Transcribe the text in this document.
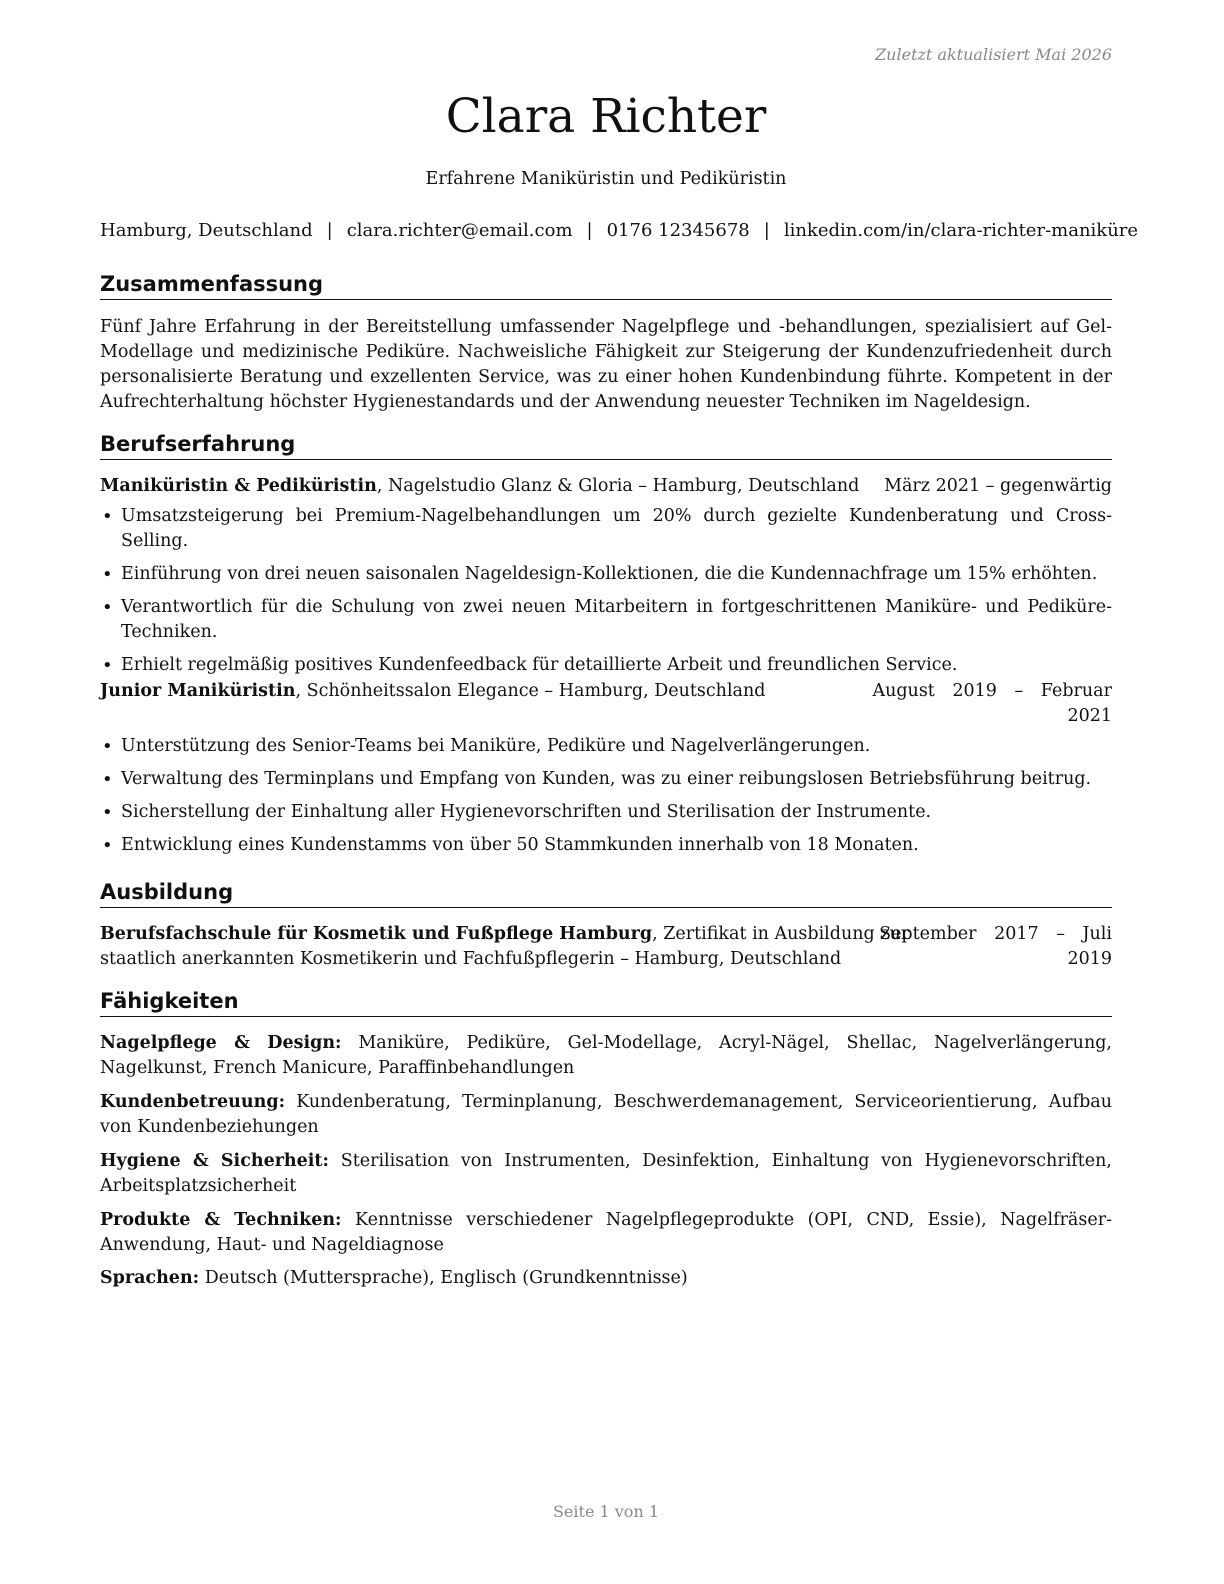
Zuletzt aktualisiert Mai 2026
Clara Richter
Erfahrene Maniküristin und Pediküristin
Hamburg, Deutschland | clara.richter@email.com | 0176 12345678 | linkedin.com/in/clara-richter-maniküre
Zusammenfassung
Fünf Jahre Erfahrung in der Bereitstellung umfassender Nagelpflege und -behandlungen, spezialisiert auf Gel-Modellage und medizinische Pediküre. Nachweisliche Fähigkeit zur Steigerung der Kundenzufriedenheit durch personalisierte Beratung und exzellenten Service, was zu einer hohen Kundenbindung führte. Kompetent in der Aufrechterhaltung höchster Hygienestandards und der Anwendung neuester Techniken im Nageldesign.
Berufserfahrung
Maniküristin & Pediküristin, Nagelstudio Glanz & Gloria – Hamburg, Deutschland März 2021 – gegenwärtig
• Umsatzsteigerung bei Premium-Nagelbehandlungen um 20% durch gezielte Kundenberatung und Cross-Selling.
• Einführung von drei neuen saisonalen Nageldesign-Kollektionen, die die Kundennachfrage um 15% erhöhten.
• Verantwortlich für die Schulung von zwei neuen Mitarbeitern in fortgeschrittenen Maniküre- und Pediküre-Techniken.
• Erhielt regelmäßig positives Kundenfeedback für detaillierte Arbeit und freundlichen Service.
Junior Maniküristin, Schönheitssalon Elegance – Hamburg, Deutschland	August 2019 – Februar
2021
• Unterstützung des Senior-Teams bei Maniküre, Pediküre und Nagelverlängerungen.
• Verwaltung des Terminplans und Empfang von Kunden, was zu einer reibungslosen Betriebsführung beitrug.
• Sicherstellung der Einhaltung aller Hygienevorschriften und Sterilisation der Instrumente.
• Entwicklung eines Kundenstamms von über 50 Stammkunden innerhalb von 18 Monaten.
Ausbildung
Berufsfachschule für Kosmetik und Fußpflege Hamburg, Zertifikat in Ausbildung zur
staatlich anerkannten Kosmetikerin und Fachfußpflegerin – Hamburg, Deutschland
September 2017 – Juli
2019
Fähigkeiten
Nagelpflege & Design: Maniküre, Pediküre, Gel-Modellage, Acryl-Nägel, Shellac, Nagelverlängerung, Nagelkunst, French Manicure, Paraffinbehandlungen
Kundenbetreuung: Kundenberatung, Terminplanung, Beschwerdemanagement, Serviceorientierung, Aufbau von Kundenbeziehungen
Hygiene & Sicherheit: Sterilisation von Instrumenten, Desinfektion, Einhaltung von Hygienevorschriften, Arbeitsplatzsicherheit
Produkte & Techniken: Kenntnisse verschiedener Nagelpflegeprodukte (OPI, CND, Essie), Nagelfräser-Anwendung, Haut- und Nageldiagnose
Sprachen: Deutsch (Muttersprache), Englisch (Grundkenntnisse)
Seite 1 von 1
